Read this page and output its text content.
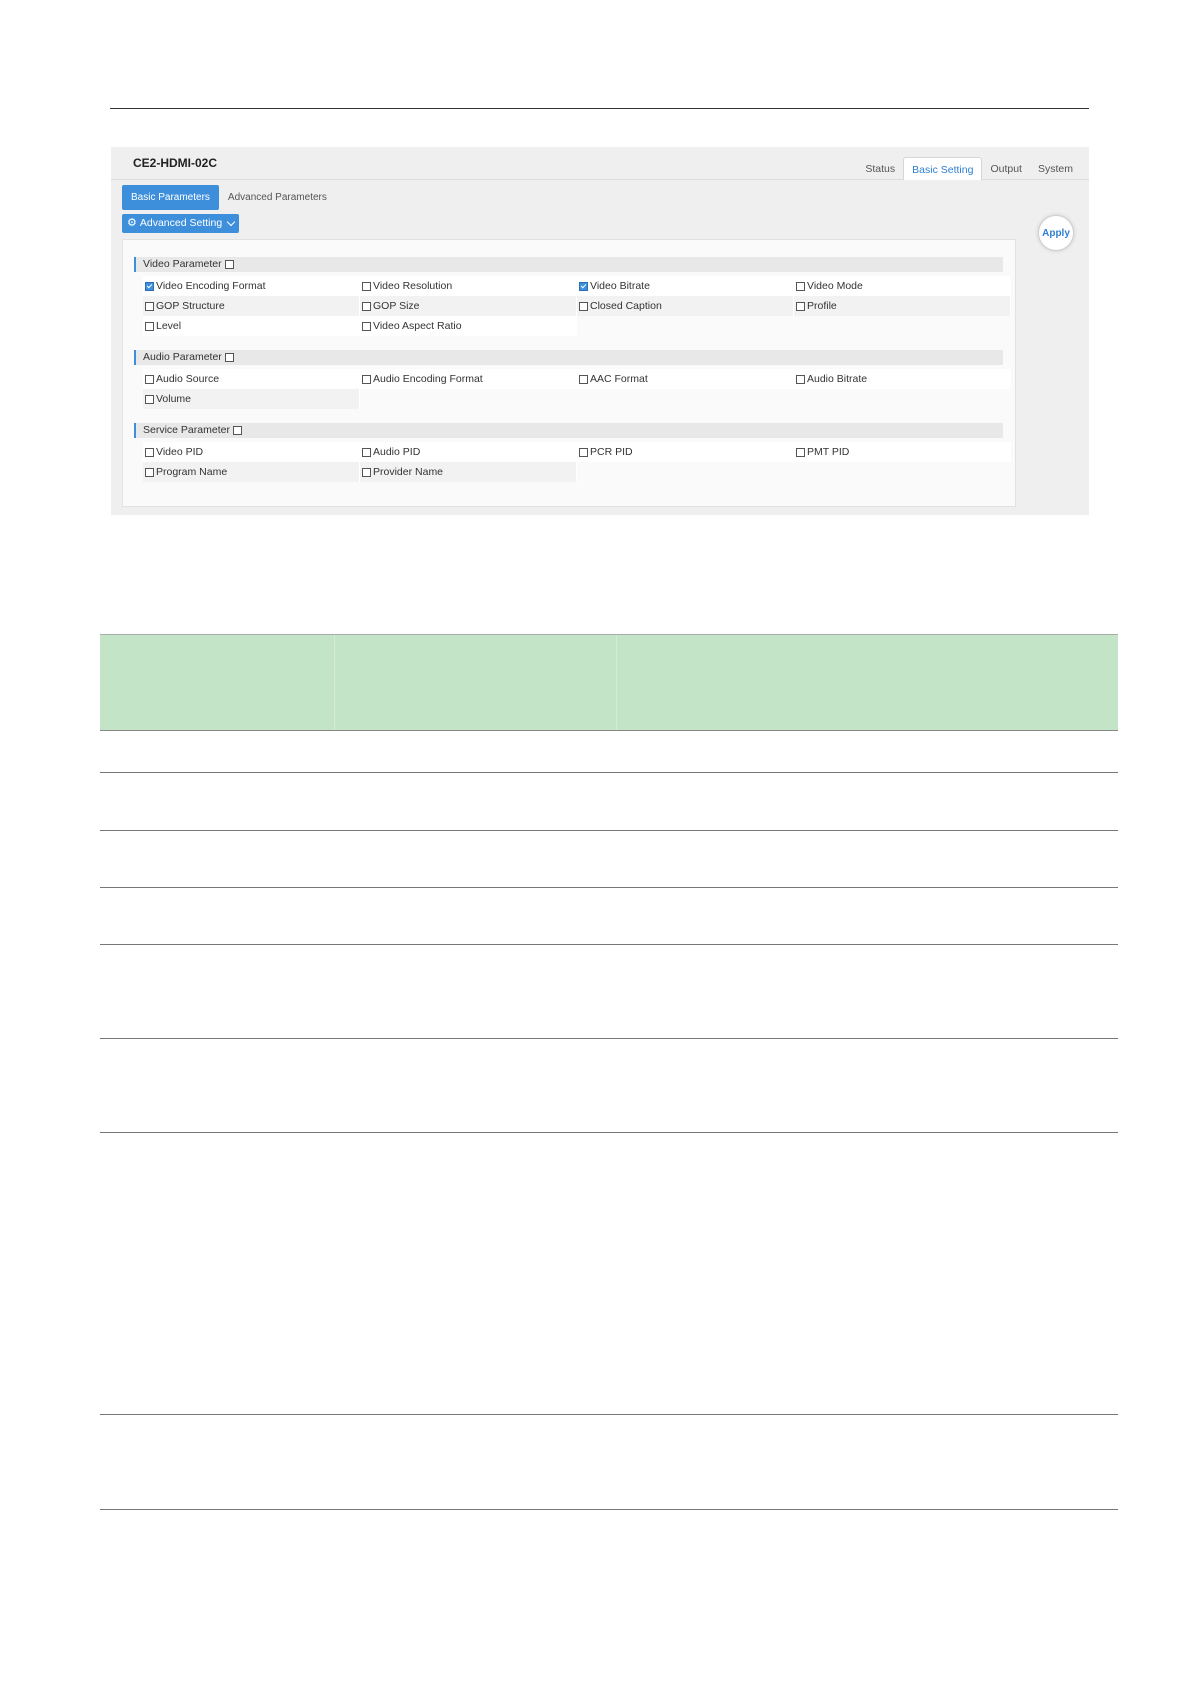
CE2-HDMI-02C	Status	Basic Setting	Output	System
Basic Parameters	Advanced Parameters
⚙ Advanced Setting
Apply
Video Parameter
Video Encoding Format	Video Resolution	Video Bitrate	Video Mode
GOP Structure	GOP Size	Closed Caption	Profile
Level	Video Aspect Ratio
Audio Parameter
Audio Source	Audio Encoding Format	AAC Format	Audio Bitrate
Volume
Service Parameter
Video PID	Audio PID	PCR PID	PMT PID
Program Name	Provider Name
